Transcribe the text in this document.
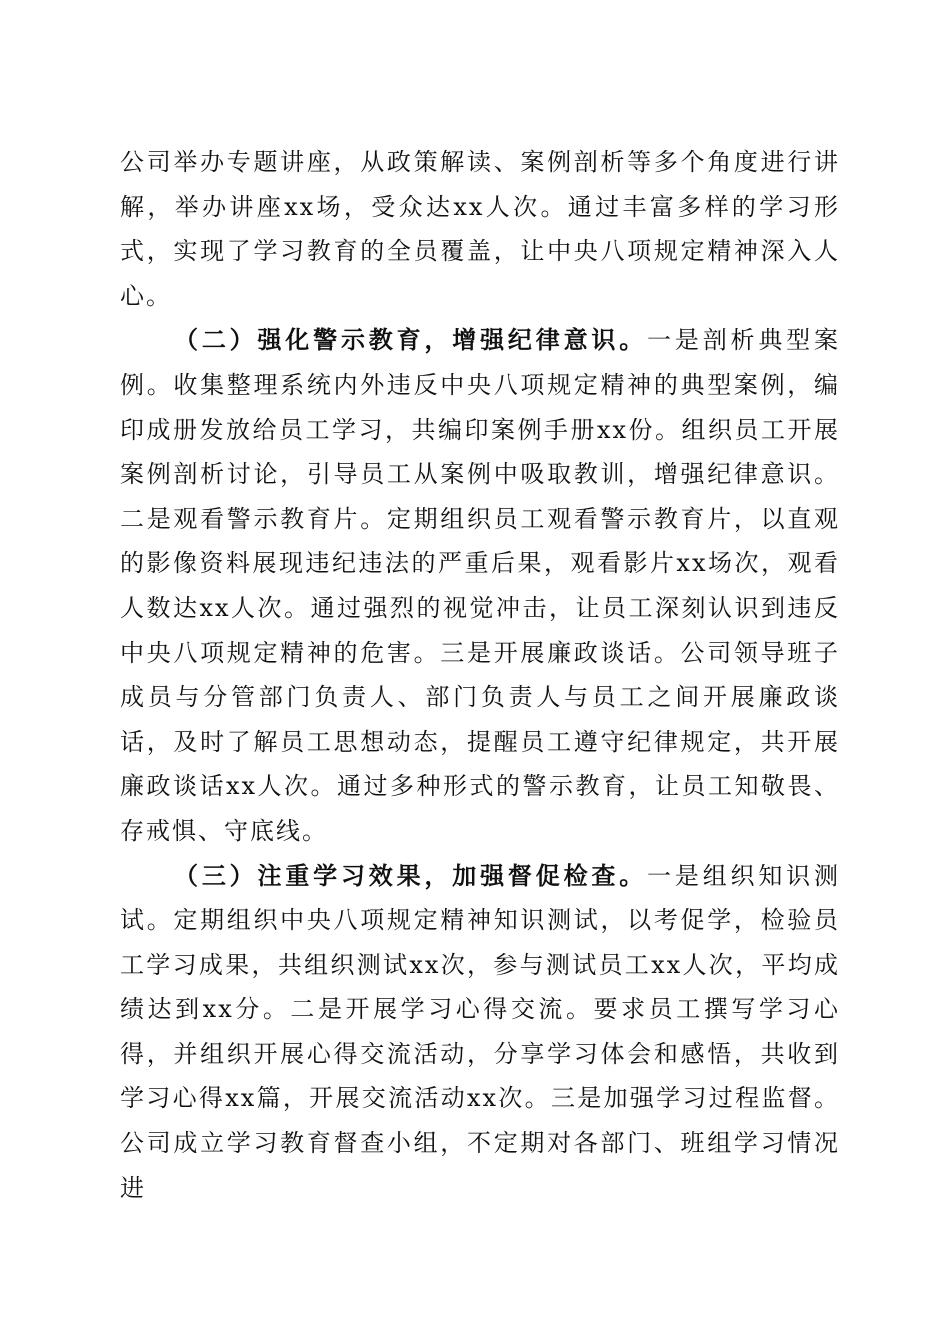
公司举办专题讲座，从政策解读、案例剖析等多个角度进行讲解，举办讲座xx场，受众达xx人次。通过丰富多样的学习形式，实现了学习教育的全员覆盖，让中央八项规定精神深入人心。

（二）强化警示教育，增强纪律意识。一是剖析典型案例。收集整理系统内外违反中央八项规定精神的典型案例，编印成册发放给员工学习，共编印案例手册xx份。组织员工开展案例剖析讨论，引导员工从案例中吸取教训，增强纪律意识。二是观看警示教育片。定期组织员工观看警示教育片，以直观的影像资料展现违纪违法的严重后果，观看影片xx场次，观看人数达xx人次。通过强烈的视觉冲击，让员工深刻认识到违反中央八项规定精神的危害。三是开展廉政谈话。公司领导班子成员与分管部门负责人、部门负责人与员工之间开展廉政谈话，及时了解员工思想动态，提醒员工遵守纪律规定，共开展廉政谈话xx人次。通过多种形式的警示教育，让员工知敬畏、存戒惧、守底线。

（三）注重学习效果，加强督促检查。一是组织知识测试。定期组织中央八项规定精神知识测试，以考促学，检验员工学习成果，共组织测试xx次，参与测试员工xx人次，平均成绩达到xx分。二是开展学习心得交流。要求员工撰写学习心得，并组织开展心得交流活动，分享学习体会和感悟，共收到学习心得xx篇，开展交流活动xx次。三是加强学习过程监督。公司成立学习教育督查小组，不定期对各部门、班组学习情况进
